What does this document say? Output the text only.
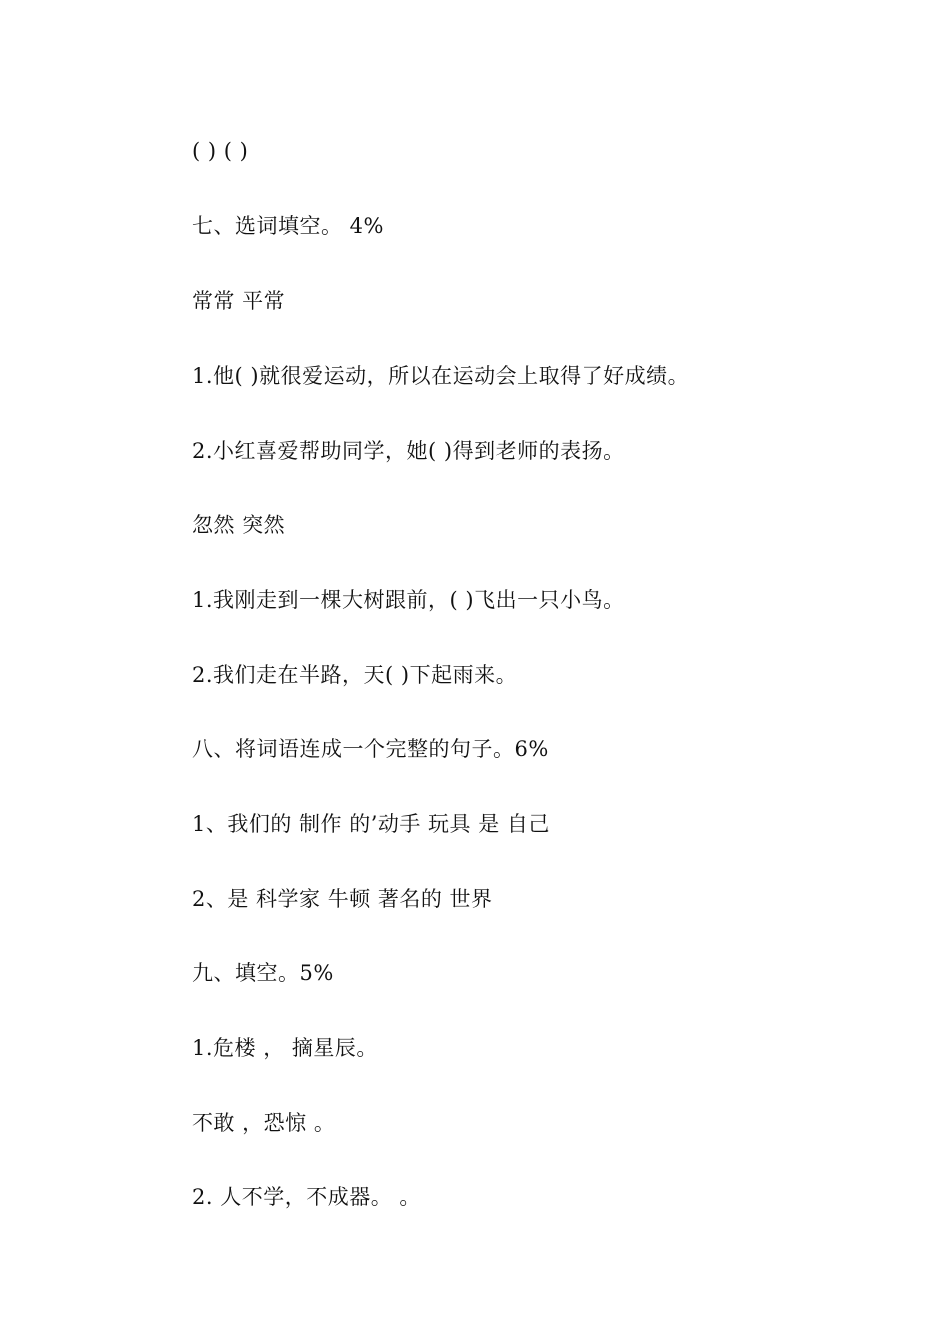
( ) ( )
七、选词填空。 4%
常常 平常
1.他( )就很爱运动，所以在运动会上取得了好成绩。
2.小红喜爱帮助同学，她( )得到老师的表扬。
忽然 突然
1.我刚走到一棵大树跟前，( )飞出一只小鸟。
2.我们走在半路，天( )下起雨来。
八、将词语连成一个完整的句子。6%
1、我们的 制作 的’动手 玩具 是 自己
2、是 科学家 牛顿 著名的 世界
九、填空。5%
1.危楼 ， 摘星辰。
不敢 ，恐惊 。
2. 人不学，不成器。 。
